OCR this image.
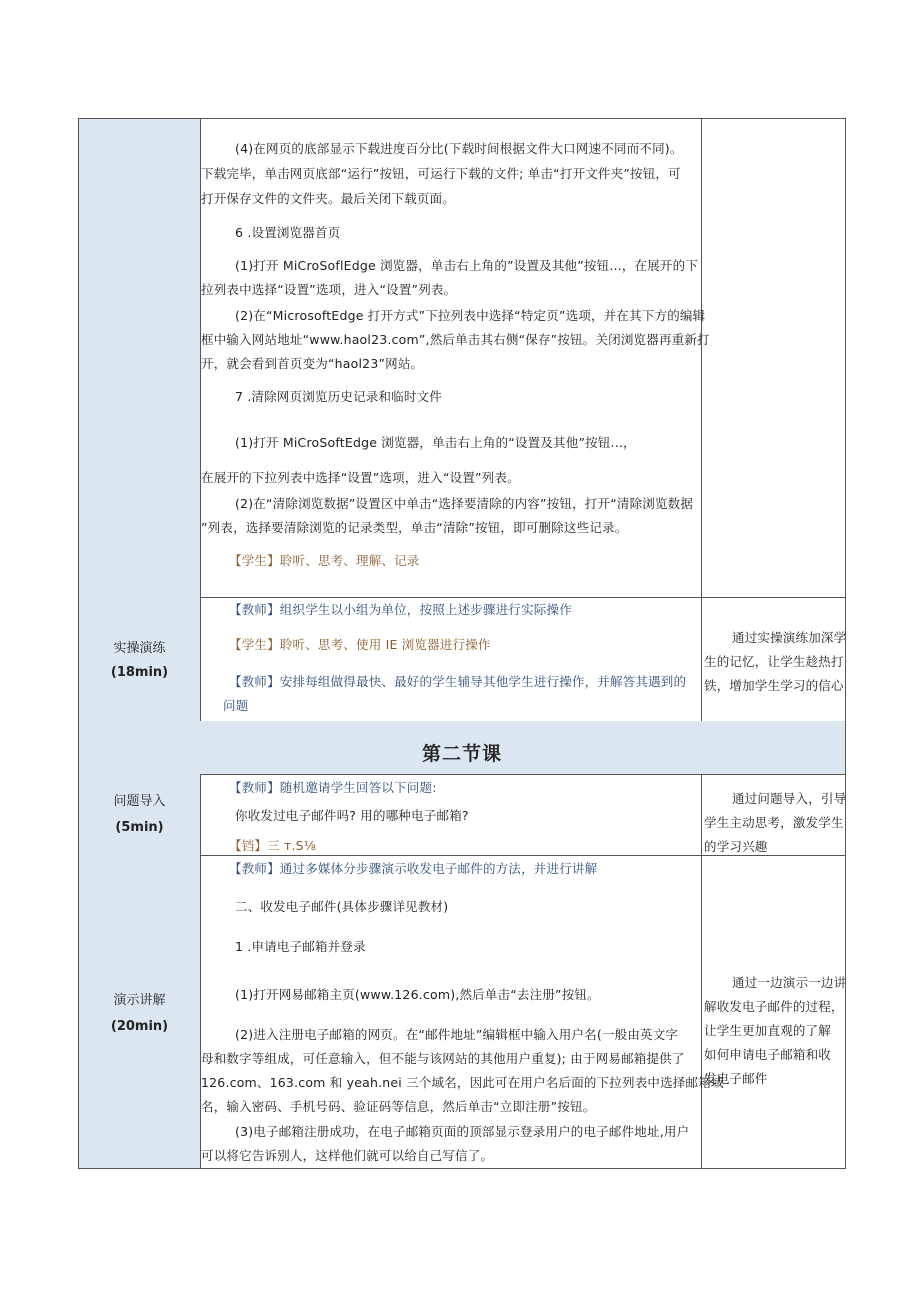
(4)在网页的底部显示下载进度百分比(下载时间根据文件大口网速不同而不同)。
下载完毕，单击网页底部“运行”按钮，可运行下载的文件; 单击“打开文件夹”按钮，可
打开保存文件的文件夹。最后关闭下载页面。
6 .设置浏览器首页
(1)打开 MiCroSoflEdge 浏览器，单击右上角的”设置及其他”按钮...，在展开的下
拉列表中选择“设置”选项，进入“设置”列表。
(2)在“MicrosoftEdge 打开方式”下拉列表中选择“特定页”选项，并在其下方的编辑
框中输入网站地址“www.haol23.com”,然后单击其右侧“保存”按钮。关闭浏览器再重新打
开，就会看到首页变为“haol23”网站。
7 .清除网页浏览历史记录和临时文件
(1)打开 MiCroSoftEdge 浏览器，单击右上角的“设置及其他”按钮...，
在展开的下拉列表中选择“设置”选项，进入“设置”列表。
(2)在“清除浏览数据”设置区中单击“选择要清除的内容”按钮，打开“清除浏览数据
”列表，选择要清除浏览的记录类型，单击“清除”按钮，即可删除这些记录。
【学生】聆听、思考、理解、记录
实操演练
(18min)
【教师】组织学生以小组为单位，按照上述步骤进行实际操作
【学生】聆听、思考、使用 IE 浏览器进行操作
【教师】安排每组做得最快、最好的学生辅导其他学生进行操作，并解答其遇到的
问题
通过实操演练加深学
生的记忆，让学生趁热打
铁，增加学生学习的信心
第二节课
问题导入
(5min)
【教师】随机邀请学生回答以下问题:
你收发过电子邮件吗? 用的哪种电子邮箱?
【铛】三 т.S⅛
通过问题导入，引导
学生主动思考，激发学生
的学习兴趣
演示讲解
(20min)
【教师】通过多媒体分步骤演示收发电子邮件的方法，并进行讲解
二、收发电子邮件(具体步骤详见教材)
1 .申请电子邮箱并登录
(1)打开网易邮箱主页(www.126.com),然后单击“去注册”按钮。
(2)进入注册电子邮箱的网页。在“邮件地址”编辑框中输入用户名(一般由英文字
母和数字等组成，可任意输入，但不能与该网站的其他用户重复); 由于网易邮箱提供了
126.com、163.com 和 yeah.nei 三个域名，因此可在用户名后面的下拉列表中选择邮箱域
名，输入密码、手机号码、验证码等信息，然后单击“立即注册”按钮。
(3)电子邮箱注册成功，在电子邮箱页面的顶部显示登录用户的电子邮件地址,用户
可以将它告诉别人，这样他们就可以给自己写信了。
通过一边演示一边讲
解收发电子邮件的过程，
让学生更加直观的了解
如何申请电子邮箱和收
发电子邮件
